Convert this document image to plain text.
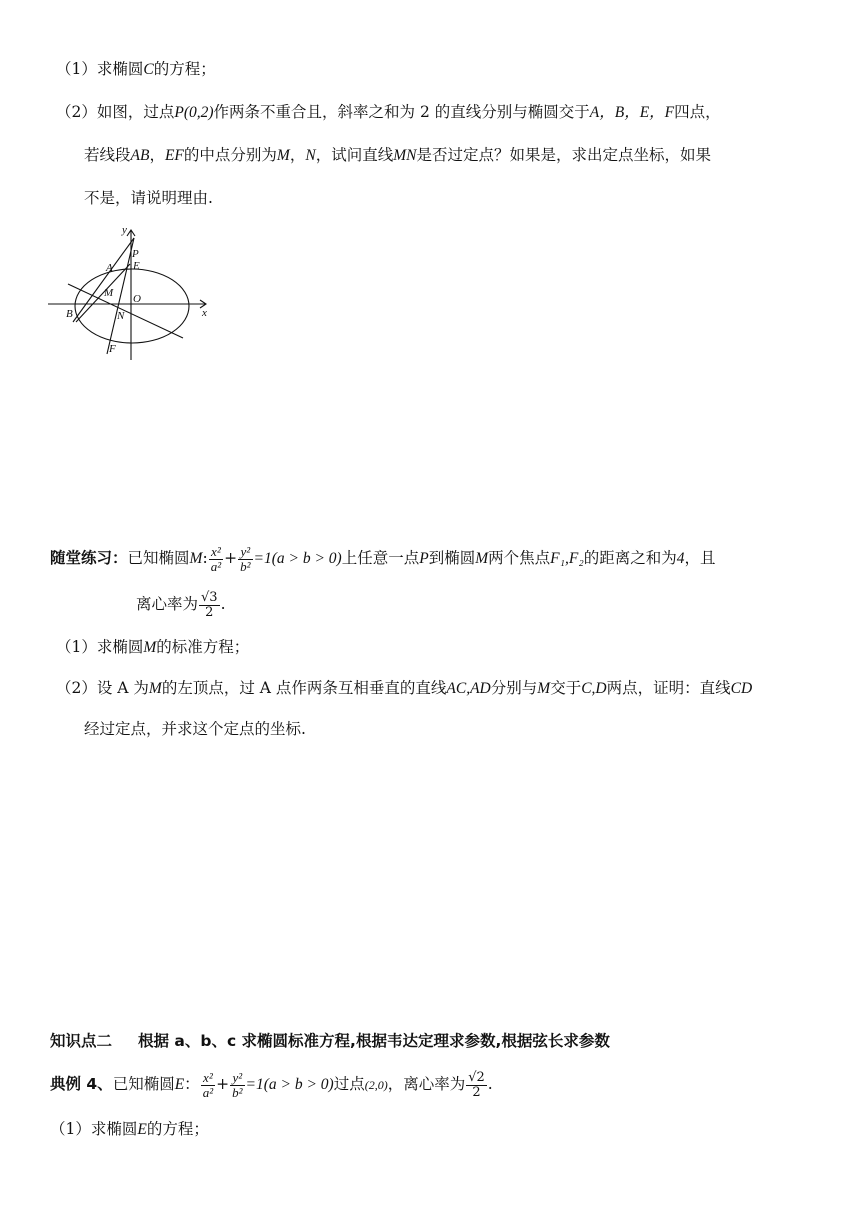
（1）求椭圆C的方程；
（2）如图，过点P(0,2)作两条不重合且，斜率之和为 2 的直线分别与椭圆交于A，B，E，F四点，
若线段AB，EF的中点分别为M，N，试问直线MN是否过定点？如果是，求出定点坐标，如果
不是，请说明理由.
y
x
P
E
A
M O
B	N
F
随堂练习：已知椭圆M: $\frac{\text{x²}}{\text{a²}} + \frac{\text{y²}}{\text{b²}} =1(a > b > 0)$上任意一点P到椭圆M两个焦点F₁,F₂的距离之和为4，且
离心率为 $\frac{√3}{2}$ .
（1）求椭圆M的标准方程；
（2）设 A 为M的左顶点，过 A 点作两条互相垂直的直线AC,AD分别与M交于C,D两点，证明：直线CD
经过定点，并求这个定点的坐标.
知识点二 根据 a、b、c 求椭圆标准方程,根据韦达定理求参数,根据弦长求参数
典例 4、已知椭圆E： $\frac{\text{x²}}{\text{a²}} + \frac{\text{y²}}{\text{b²}} =1(a > b > 0)$过点(2,0)，离心率为 $\frac{√2}{2}$ .
（1）求椭圆E的方程；
